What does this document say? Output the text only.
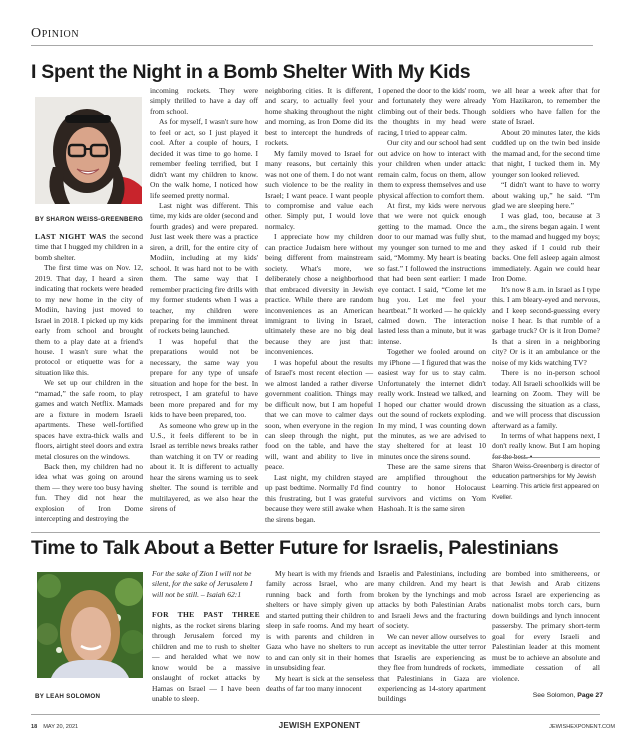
Opinion
I Spent the Night in a Bomb Shelter With My Kids
BY SHARON WEISS-GREENBERG

LAST NIGHT WAS the second time that I hugged my children in a bomb shelter.

The first time was on Nov. 12, 2019. That day, I heard a siren indicating that rockets were headed to my new home in the city of Modiin, having just moved to Israel in 2018. I picked up my kids early from school and brought them to a play date at a friend's house. I wasn't sure what the protocol or etiquette was for a situation like this.

We set up our children in the “mamad,” the safe room, to play games and watch Netflix. Mamads are a fixture in modern Israeli apartments. These well-fortified spaces have extra-thick walls and floors, airtight steel doors and extra metal closures on the windows.

Back then, my children had no idea what was going on around them — they were too busy having fun. They did not hear the explosion of Iron Dome intercepting and destroying the

incoming rockets. They were simply thrilled to have a day off from school.

As for myself, I wasn't sure how to feel or act, so I just played it cool. After a couple of hours, I decided it was time to go home. I remember feeling terrified, but I didn't want my children to know. On the walk home, I noticed how life seemed pretty normal.

Last night was different. This time, my kids are older (second and fourth grades) and were prepared. Just last week there was a practice siren, a drill, for the entire city of Modiin, including at my kids' school. It was hard not to be with them. The same way that I remember practicing fire drills with my former students when I was a teacher, my children were preparing for the imminent threat of rockets being launched.

I was hopeful that the preparations would not be necessary, the same way you prepare for any type of unsafe situation and hope for the best. In retrospect, I am grateful to have been more prepared and for my kids to have been prepared, too.

As someone who grew up in the U.S., it feels different to be in Israel as terrible news breaks rather than watching it on TV or reading about it. It is different to actually hear the sirens warning us to seek shelter. The sound is terrible and multilayered, as we also hear the sirens of

neighboring cities. It is different, and scary, to actually feel your home shaking throughout the night and morning, as Iron Dome did its best to intercept the hundreds of rockets.

My family moved to Israel for many reasons, but certainly this was not one of them. I do not want such violence to be the reality in Israel; I want peace. I want people to compromise and value each other. Simply put, I would love normalcy.

I appreciate how my children can practice Judaism here without being different from mainstream society. What's more, we deliberately chose a neighborhood that embraced diversity in Jewish practice. While there are random inconveniences as an American immigrant to living in Israel, ultimately these are no big deal because they are just that: inconveniences.

I was hopeful about the results of Israel's most recent election — we almost landed a rather diverse government coalition. Things may be difficult now, but I am hopeful that we can move to calmer days soon, when everyone in the region can sleep through the night, put food on the table, and have the will, want and ability to live in peace.

Last night, my children stayed up past bedtime. Normally I'd find this frustrating, but I was grateful because they were still awake when the sirens began.

I opened the door to the kids' room, and fortunately they were already climbing out of their beds. Though the thoughts in my head were racing, I tried to appear calm.

Our city and our school had sent out advice on how to interact with your children when under attack: remain calm, focus on them, allow them to express themselves and use physical affection to comfort them.

At first, my kids were nervous that we were not quick enough getting to the mamad. Once the door to our mamad was fully shut, my younger son turned to me and said, “Mommy. My heart is beating so fast.” I followed the instructions that had been sent earlier: I made eye contact. I said, “Come let me hug you. Let me feel your heartbeat.” It worked — he quickly calmed down. The interaction lasted less than a minute, but it was intense.

Together we fooled around on my iPhone — I figured that was the easiest way for us to stay calm. Unfortunately the internet didn't really work. Instead we talked, and I hoped our chatter would drown out the sound of rockets exploding. In my mind, I was counting down the minutes, as we are advised to stay sheltered for at least 10 minutes once the sirens sound.

These are the same sirens that are amplified throughout the country to honor Holocaust survivors and victims on Yom Hashoah. It is the same siren

we all hear a week after that for Yom Hazikaron, to remember the soldiers who have fallen for the state of Israel.

About 20 minutes later, the kids cuddled up on the twin bed inside the mamad and, for the second time that night, I tucked them in. My younger son looked relieved.

“I didn't want to have to worry about waking up,” he said. “I'm glad we are sleeping here.”

I was glad, too, because at 3 a.m., the sirens began again. I went to the mamad and hugged my boys; they asked if I could rub their backs. One fell asleep again almost immediately. Again we could hear Iron Dome.

It's now 8 a.m. in Israel as I type this. I am bleary-eyed and nervous, and I keep second-guessing every noise I hear. Is that rumble of a garbage truck? Or is it Iron Dome? Is that a siren in a neighboring city? Or is it an ambulance or the noise of my kids watching TV?

There is no in-person school today. All Israeli schoolkids will be learning on Zoom. They will be discussing the situation as a class, and we will process that discussion afterward as a family.

In terms of what happens next, I don't really know. But I am hoping for the best. •

Sharon Weiss-Greenberg is director of education partnerships for My Jewish Learning. This article first appeared on Kveller.
Time to Talk About a Better Future for Israelis, Palestinians
BY LEAH SOLOMON

For the sake of Zion I will not be silent, for the sake of Jerusalem I will not be still. – Isaiah 62:1

FOR THE PAST THREE nights, as the rocket sirens blaring through Jerusalem forced my children and me to rush to shelter — and heralded what we now know would be a massive onslaught of rocket attacks by Hamas on Israel — I have been unable to sleep.

My heart is with my friends and family across Israel, who are running back and forth from shelters or have simply given up and started putting their children to sleep in safe rooms. And my heart is with parents and children in Gaza who have no shelters to run to and can only sit in their homes in unsubsiding fear.

My heart is sick at the senseless deaths of far too many innocent

Israelis and Palestinians, including many children. And my heart is broken by the lynchings and mob attacks by both Palestinian Arabs and Israeli Jews and the fracturing of society.

We can never allow ourselves to accept as inevitable the utter terror that Israelis are experiencing as they flee from hundreds of rockets, that Palestinians in Gaza are experiencing as 14-story apartment buildings

are bombed into smithereens, or that Jewish and Arab citizens across Israel are experiencing as nationalist mobs torch cars, burn down buildings and lynch innocent passersby. The primary short-term goal for every Israeli and Palestinian leader at this moment must be to achieve an absolute and immediate cessation of all violence.

See Solomon, Page 27
18 MAY 20, 2021	JEWISH EXPONENT	JEWISHEXPONENT.COM
